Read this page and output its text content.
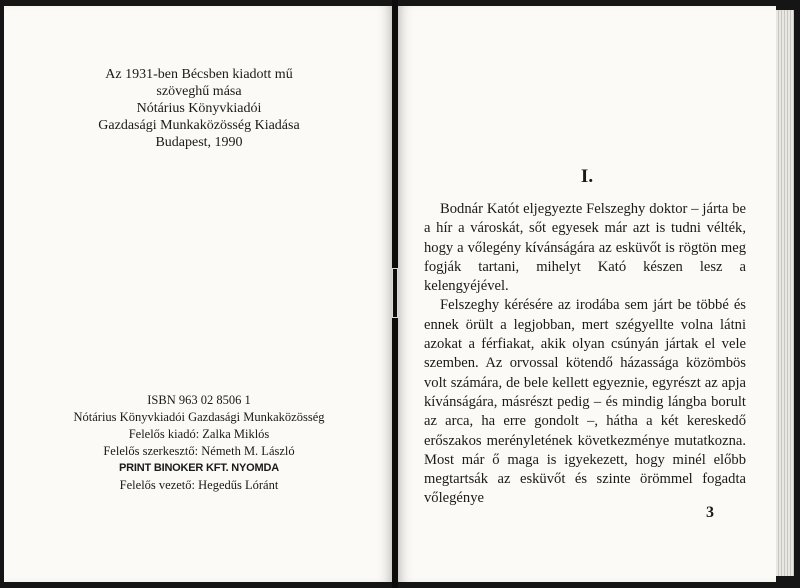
Az 1931-ben Bécsben kiadott mű
szöveghű mása
Nótárius Könyvkiadói
Gazdasági Munkaközösség Kiadása
Budapest, 1990
ISBN 963 02 8506 1
Nótárius Könyvkiadói Gazdasági Munkaközösség
Felelős kiadó: Zalka Miklós
Felelős szerkesztő: Németh M. László
PRINT BINOKER KFT. NYOMDA
Felelős vezető: Hegedűs Lóránt
I.

Bodnár Katót eljegyezte Felszeghy doktor – járta be a hír a városkát, sőt egyesek már azt is tudni vélték, hogy a vőlegény kívánságára az esküvőt is rögtön meg fogják tartani, mihelyt Kató készen lesz a kelengyéjével.

Felszeghy kérésére az irodába sem járt be többé és ennek örült a legjobban, mert szégyellte volna látni azokat a férfiakat, akik olyan csúnyán jártak el vele szemben. Az orvossal kötendő házassága közömbös volt számára, de bele kellett egyeznie, egyrészt az apja kívánságára, másrészt pedig – és mindig lángba borult az arca, ha erre gondolt –, hátha a két kereskedő erőszakos merényletének következménye mutatkozna. Most már ő maga is igyekezett, hogy minél előbb megtartsák az esküvőt és szinte örömmel fogadta vőlegénye

3
